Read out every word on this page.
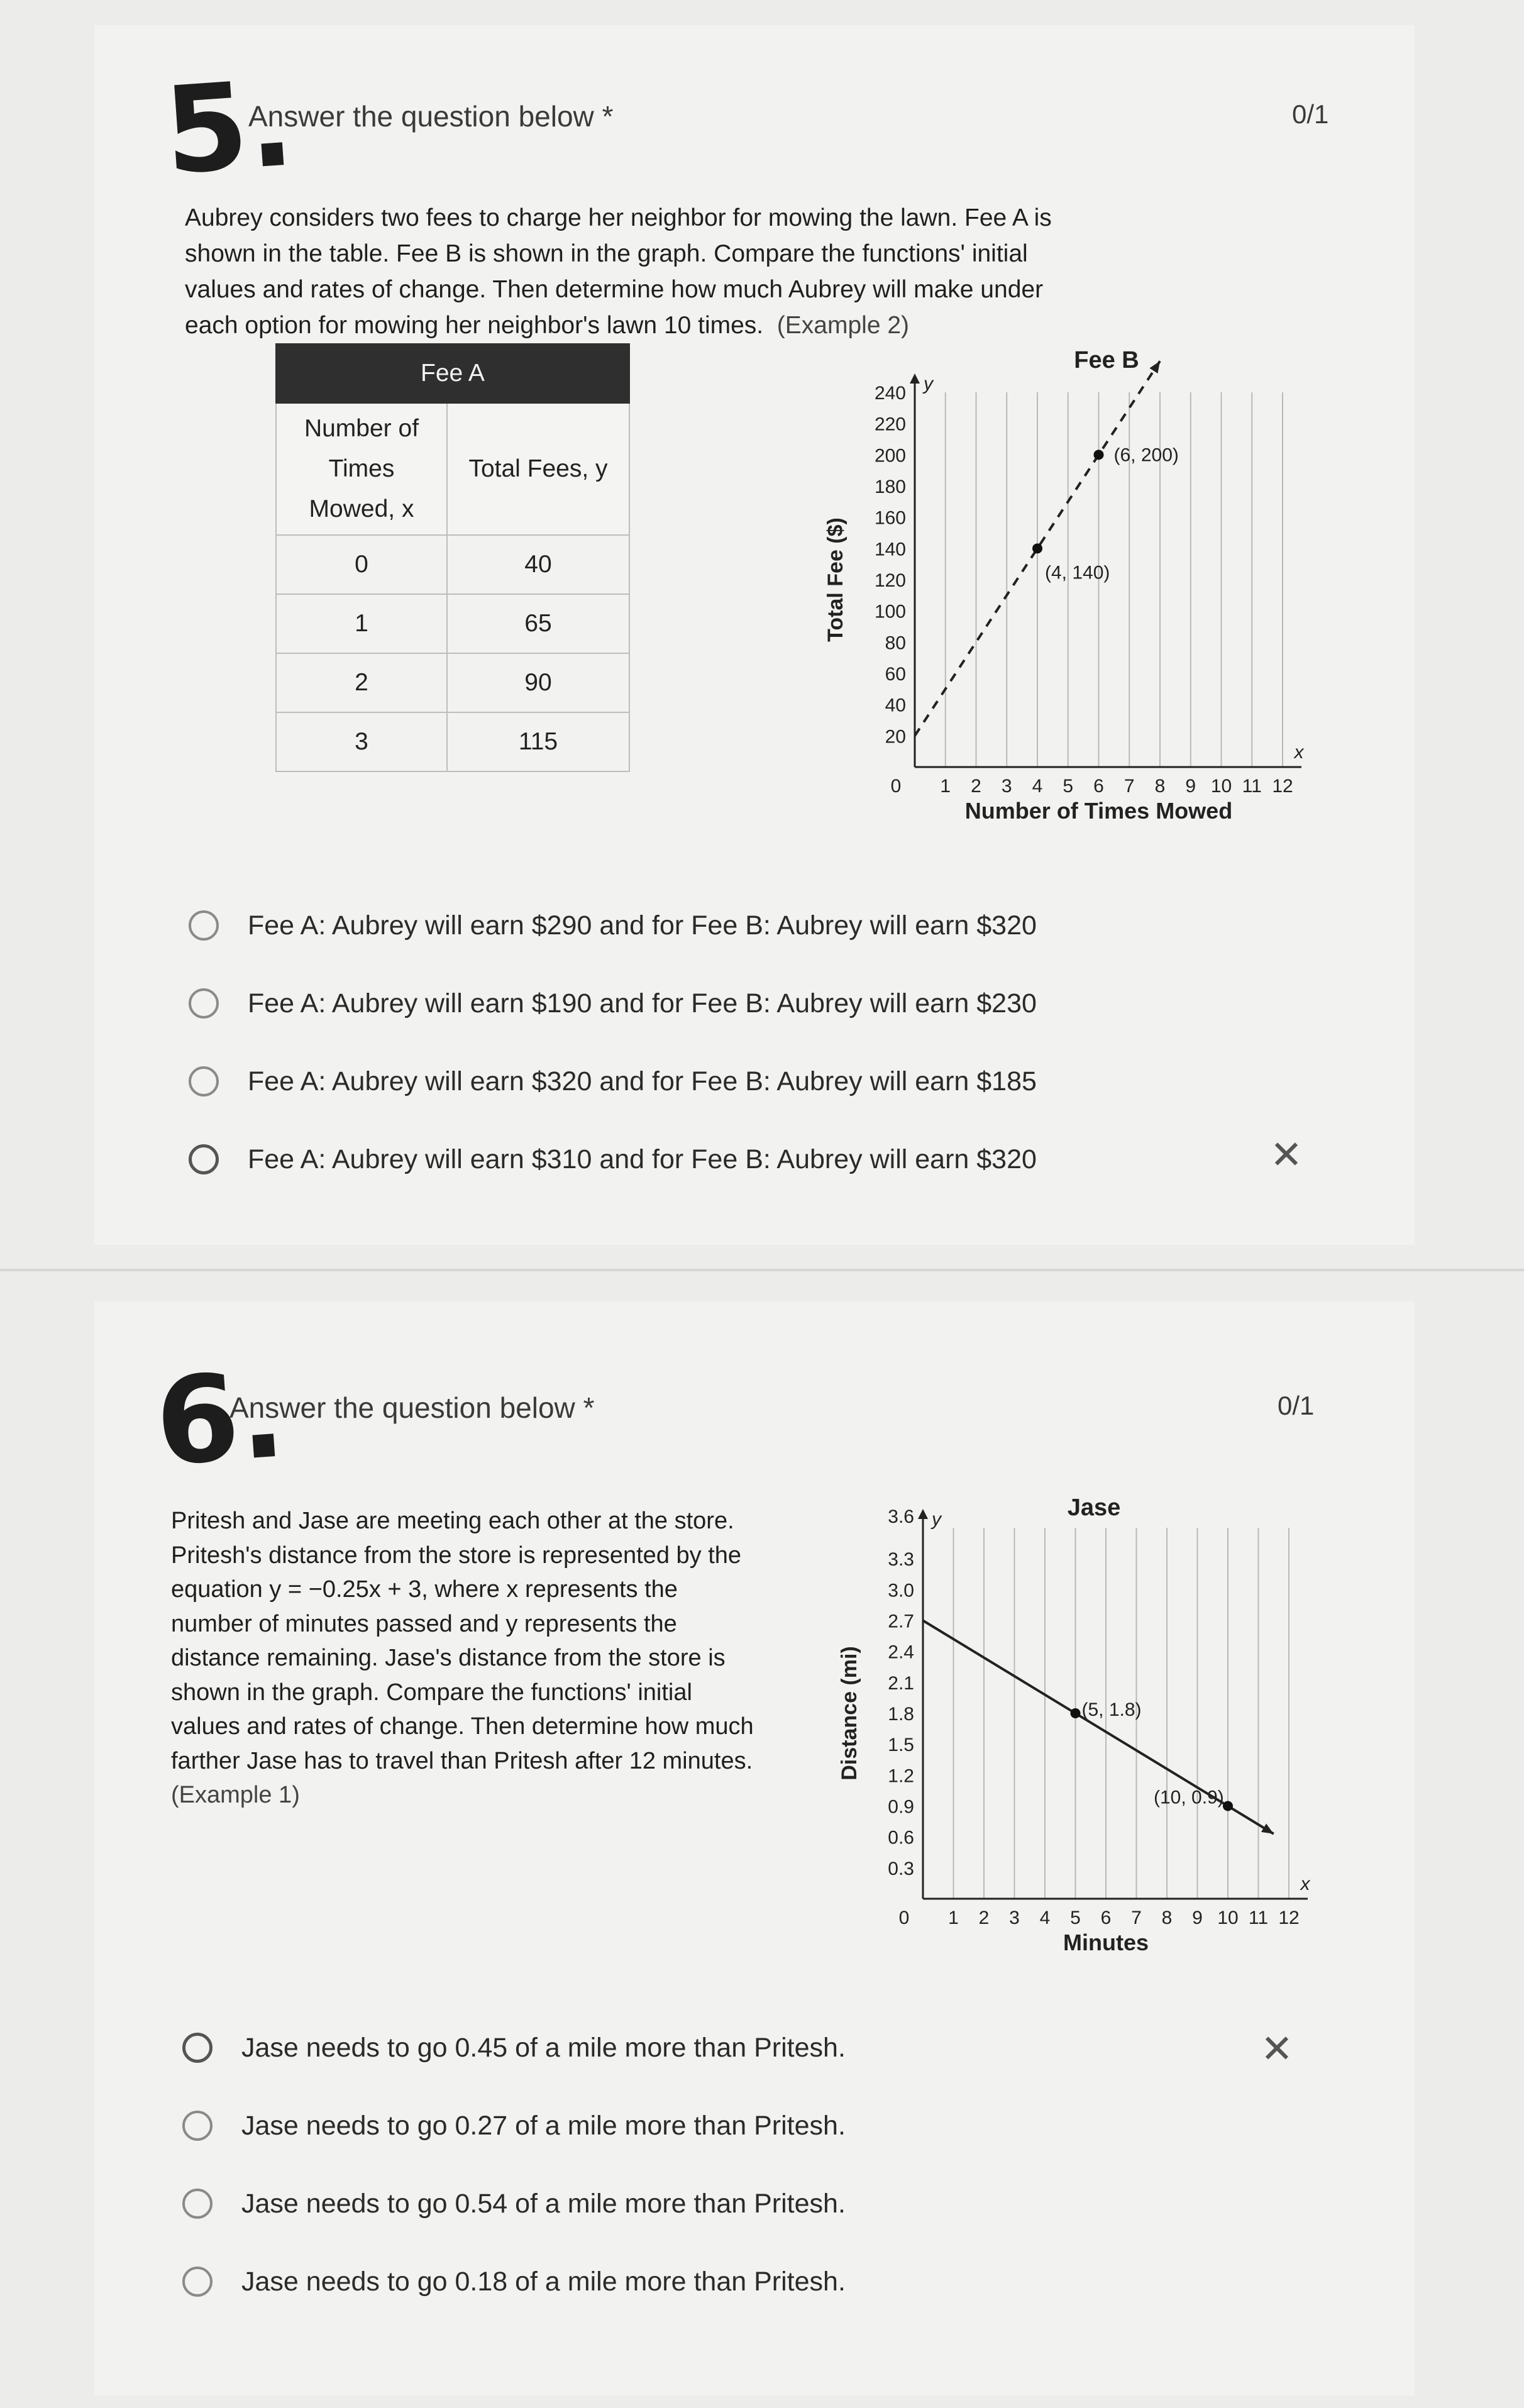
5.
Answer the question below *	0/1
Aubrey considers two fees to charge her neighbor for mowing the lawn. Fee A is
shown in the table. Fee B is shown in the graph. Compare the functions' initial
values and rates of change. Then determine how much Aubrey will make under
each option for mowing her neighbor's lawn 10 times. (Example 2)
Fee A	

Number of
Times
Mowed, x	Total Fees, y
0	40
1	65
2	90
3	115
Fee B
1 2 3 4 5 6 7 8 9 10 11 12
20
40
60
80
100
120
140
160
180
200
220
240 y
x
0
Number of Times Mowed
Total Fee ($)	(4, 140)
(6, 200)
Fee A: Aubrey will earn $290 and for Fee B: Aubrey will earn $320
Fee A: Aubrey will earn $190 and for Fee B: Aubrey will earn $230
Fee A: Aubrey will earn $320 and for Fee B: Aubrey will earn $185
Fee A: Aubrey will earn $310 and for Fee B: Aubrey will earn $320	✕
6.
Answer the question below *	0/1
Pritesh and Jase are meeting each other at the store.
Pritesh's distance from the store is represented by the
equation y = −0.25x + 3, where x represents the
number of minutes passed and y represents the
distance remaining. Jase's distance from the store is
shown in the graph. Compare the functions' initial
values and rates of change. Then determine how much
farther Jase has to travel than Pritesh after 12 minutes.
(Example 1)
Jase
1 2 3 4 5 6 7 8 9 10 11 12
0.3
0.6
0.9
1.2
1.5
1.8
2.1
2.4
2.7
3.0
3.3
3.6 y
x
0
Minutes
Distance (mi)	(5, 1.8)
(10, 0.9)
Jase needs to go 0.45 of a mile more than Pritesh.
Jase needs to go 0.27 of a mile more than Pritesh.
Jase needs to go 0.54 of a mile more than Pritesh.
Jase needs to go 0.18 of a mile more than Pritesh.
✕
